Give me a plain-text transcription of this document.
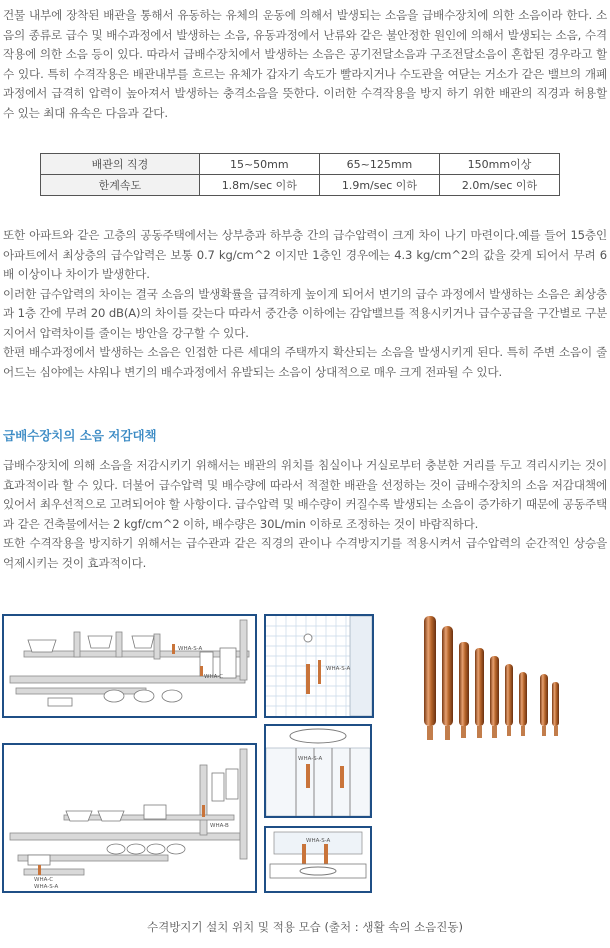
건물 내부에 장착된 배관을 통해서 유동하는 유체의 운동에 의해서 발생되는 소음을 급배수장치에 의한 소음이라 한다. 소음의 종류로 급수 및 배수과정에서 발생하는 소음, 유동과정에서 난류와 같은 불안정한 원인에 의해서 발생되는 소음, 수격작용에 의한 소음 등이 있다. 따라서 급배수장치에서 발생하는 소음은 공기전달소음과 구조전달소음이 혼합된 경우라고 할 수 있다. 특히 수격작용은 배관내부를 흐르는 유체가 갑자기 속도가 빨라지거나 수도관을 여닫는 거소가 같은 밸브의 개폐과정에서 급격히 압력이 높아져서 발생하는 충격소음을 뜻한다. 이러한 수격작용을 방지 하기 위한 배관의 직경과 허용할 수 있는 최대 유속은 다음과 같다.

배관의 직경	15~50mm	65~125mm	150mm이상
한계속도	1.8m/sec 이하	1.9m/sec 이하	2.0m/sec 이하

또한 아파트와 같은 고층의 공동주택에서는 상부층과 하부층 간의 급수압력이 크게 차이 나기 마련이다.예를 들어 15층인 아파트에서 최상층의 급수압력은 보통 0.7 kg/cm^2 이지만 1층인 경우에는 4.3 kg/cm^2의 값을 갖게 되어서 무려 6배 이상이나 차이가 발생한다.

이러한 급수압력의 차이는 결국 소음의 발생확률을 급격하게 높이게 되어서 변기의 급수 과정에서 발생하는 소음은 최상층과 1층 간에 무려 20 dB(A)의 차이를 갖는다 따라서 중간층 이하에는 감압밸브를 적용시키거나 급수공급을 구간별로 구분지어서 압력차이를 줄이는 방안을 강구할 수 있다.

한편 배수과정에서 발생하는 소음은 인접한 다른 세대의 주택까지 확산되는 소음을 발생시키게 된다. 특히 주변 소음이 줄어드는 심야에는 샤워나 변기의 배수과정에서 유발되는 소음이 상대적으로 매우 크게 전파될 수 있다.

급배수장치의 소음 저감대책

급배수장치에 의해 소음을 저감시키기 위해서는 배관의 위치를 침실이나 거실로부터 충분한 거리를 두고 격리시키는 것이 효과적이라 할 수 있다. 더불어 급수압력 및 배수량에 따라서 적절한 배관을 선정하는 것이 급배수장치의 소음 저감대책에 있어서 최우선적으로 고려되어야 할 사항이다. 급수압력 및 배수량이 커질수록 발생되는 소음이 증가하기 때문에 공동주택과 같은 건축물에서는 2 kgf/cm^2 이하, 배수량은 30L/min 이하로 조정하는 것이 바람직하다.

또한 수격작용을 방지하기 위해서는 급수관과 같은 직경의 관이나 수격방지기를 적용시켜서 급수압력의 순간적인 상승을 억제시키는 것이 효과적이다.

WHA-S-A
WHA-C
WHA-S-A
WHA-B
WHA-C
WHA-S-A
WHA-S-A
WHA-S-A
수격방지기 설치 위치 및 적용 모습 (출처 : 생활 속의 소음진동)
